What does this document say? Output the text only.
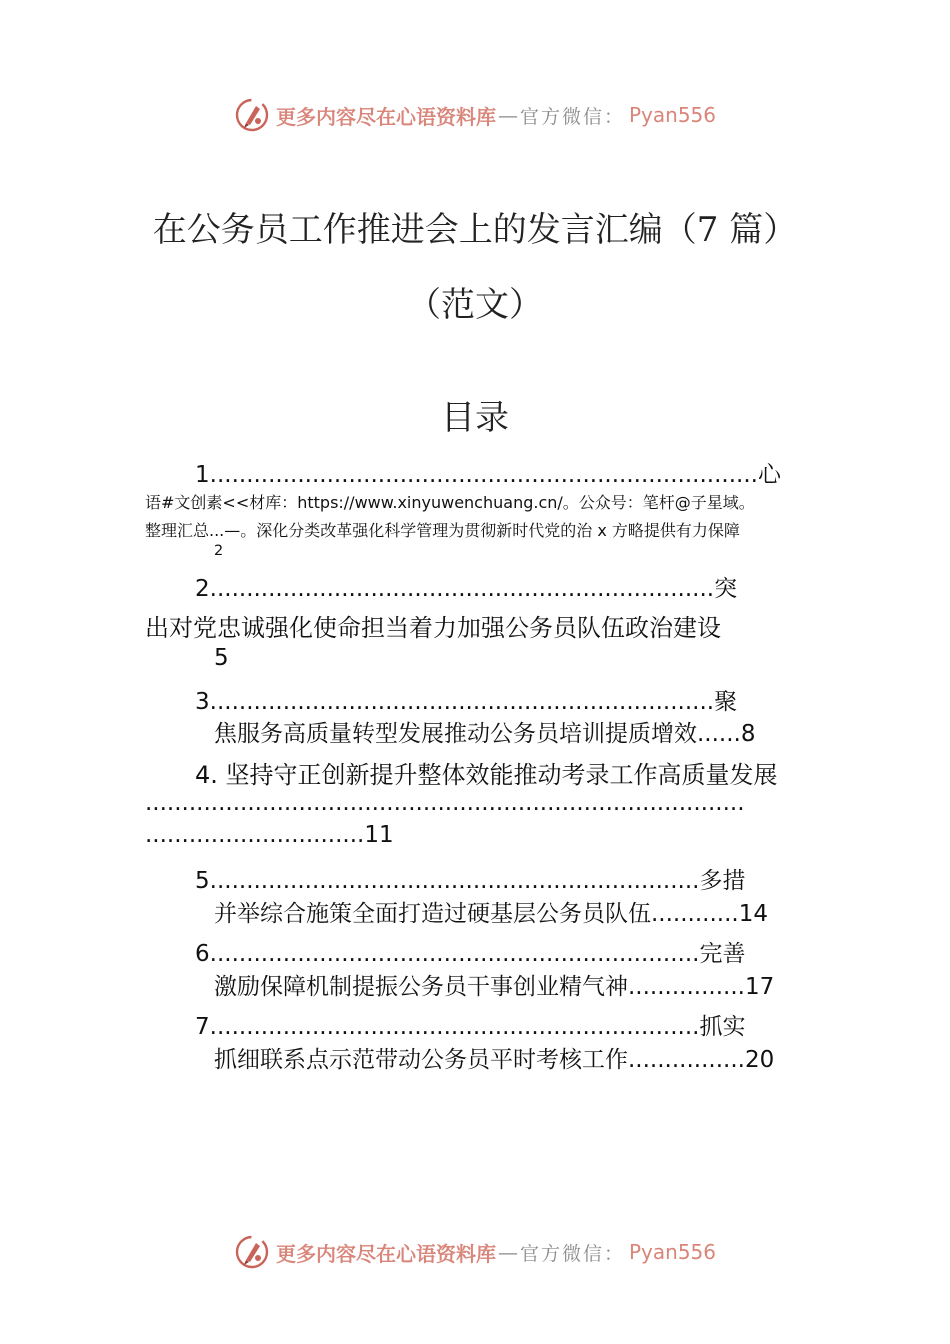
更多内容尽在心语资料库 — 官方微信： Pyan556
在公务员工作推进会上的发言汇编（7 篇）
（范文）
目录
1...........................................................................心
语#文创素<<材库：https://www.xinyuwenchuang.cn/。公众号：笔杆@子星域。
整理汇总...—。深化分类改革强化科学管理为贯彻新时代党的治 x 方略提供有力保障
2
2.....................................................................突
出对党忠诚强化使命担当着力加强公务员队伍政治建设
5
3.....................................................................聚
焦服务高质量转型发展推动公务员培训提质增效......8
4. 坚持守正创新提升整体效能推动考录工作高质量发展
..................................................................................
..............................11
5...................................................................多措
并举综合施策全面打造过硬基层公务员队伍............14
6...................................................................完善
激励保障机制提振公务员干事创业精气神................17
7...................................................................抓实
抓细联系点示范带动公务员平时考核工作................20
更多内容尽在心语资料库 — 官方微信： Pyan556
